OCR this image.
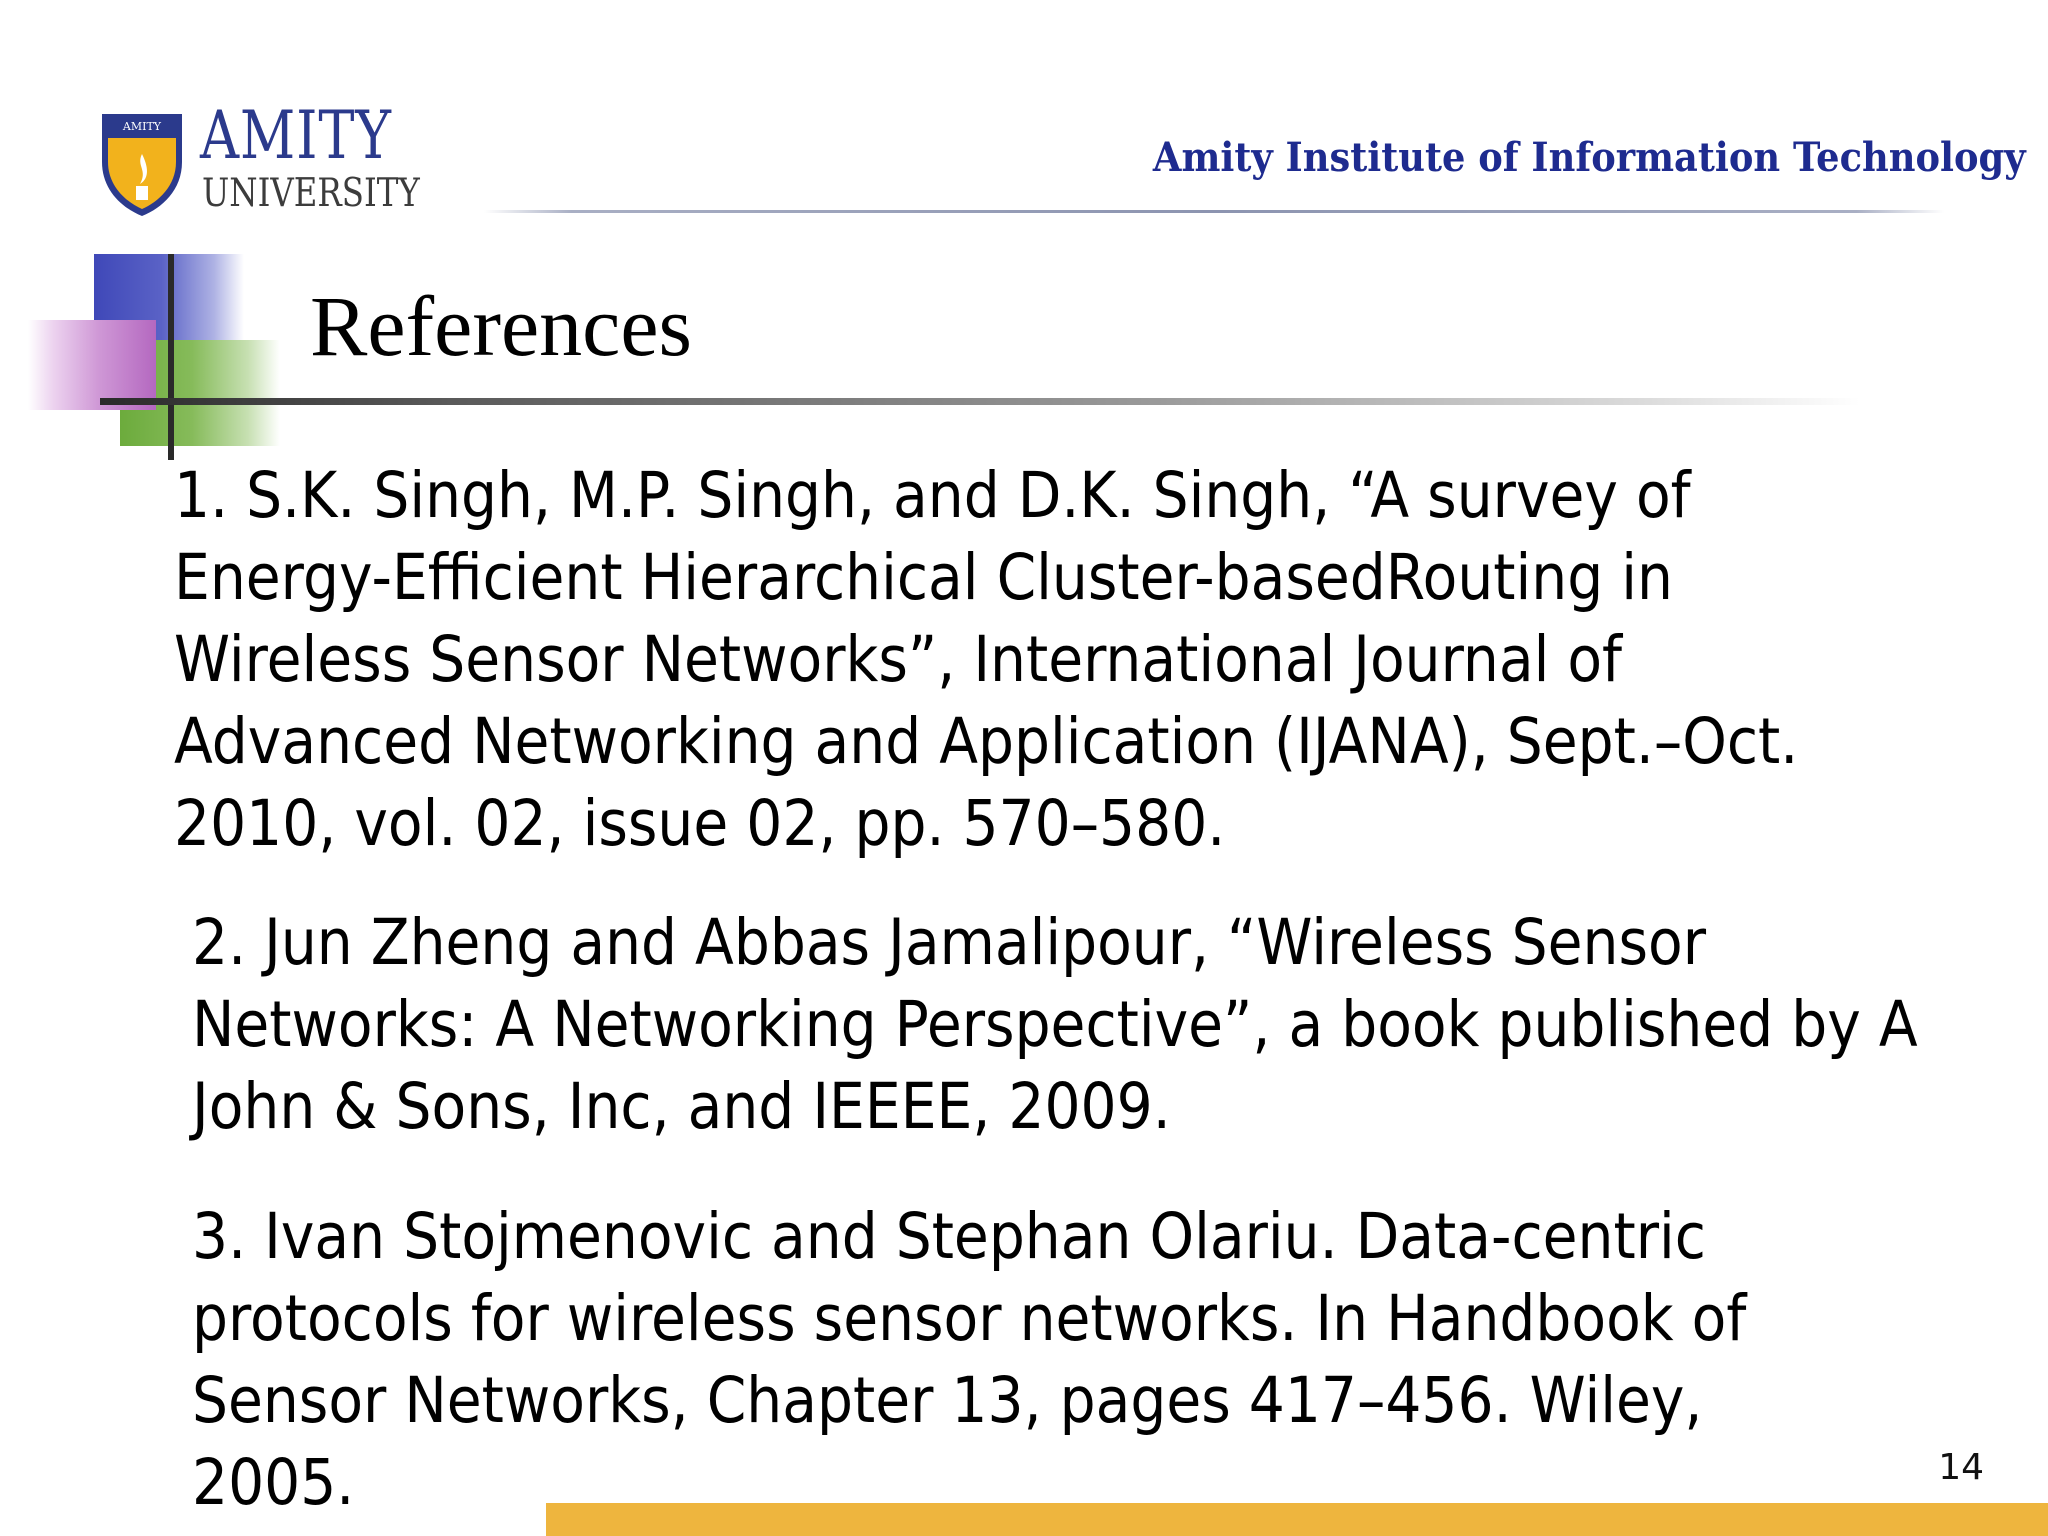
AMITY AMITY
UNIVERSITY
Amity Institute of Information Technology
References

1. S.K. Singh, M.P. Singh, and D.K. Singh, “A survey of
Energy-Efficient Hierarchical Cluster-basedRouting in
Wireless Sensor Networks”, International Journal of
Advanced Networking and Application (IJANA), Sept.–Oct.
2010, vol. 02, issue 02, pp. 570–580.

2. Jun Zheng and Abbas Jamalipour, “Wireless Sensor
Networks: A Networking Perspective”, a book published by A
John & Sons, Inc, and IEEEE, 2009.

3. Ivan Stojmenovic and Stephan Olariu. Data-centric
protocols for wireless sensor networks. In Handbook of
Sensor Networks, Chapter 13, pages 417–456. Wiley,
2005.	14
